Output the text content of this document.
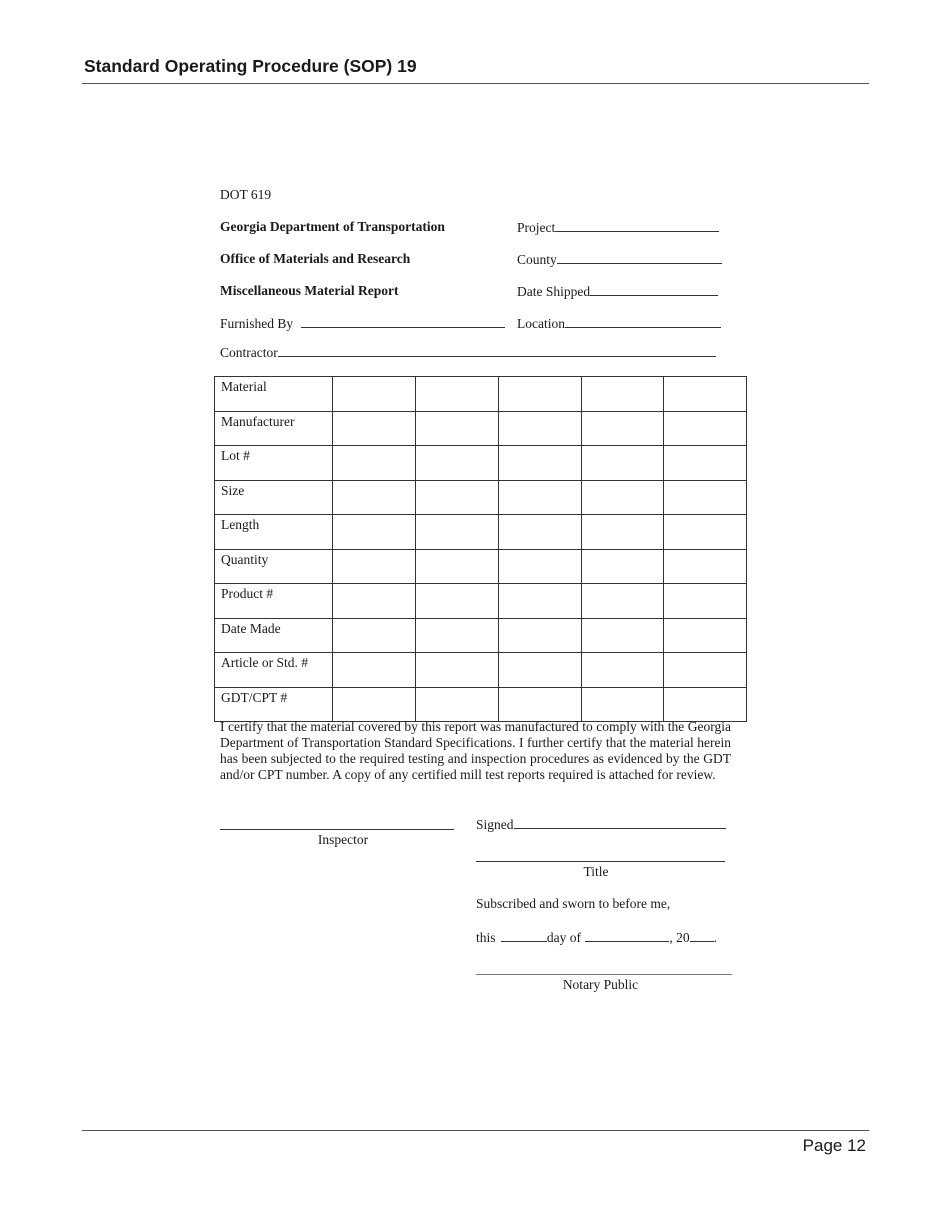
Standard Operating Procedure (SOP) 19
Page 12
DOT 619
Georgia Department of Transportation	Project
Office of Materials and Research	County
Miscellaneous Material Report	Date Shipped
Furnished By	Location
Contractor
Material					
Manufacturer					
Lot #					
Size					
Length					
Quantity					
Product #					
Date Made					
Article or Std. #					
GDT/CPT #					
I certify that the material covered by this report was manufactured to comply with the Georgia Department of Transportation Standard Specifications. I further certify that the material herein has been subjected to the required testing and inspection procedures as evidenced by the GDT and/or CPT number. A copy of any certified mill test reports required is attached for review.
Inspector
Signed
Title
Subscribed and sworn to before me,
this	day of	, 20 .
Notary Public
